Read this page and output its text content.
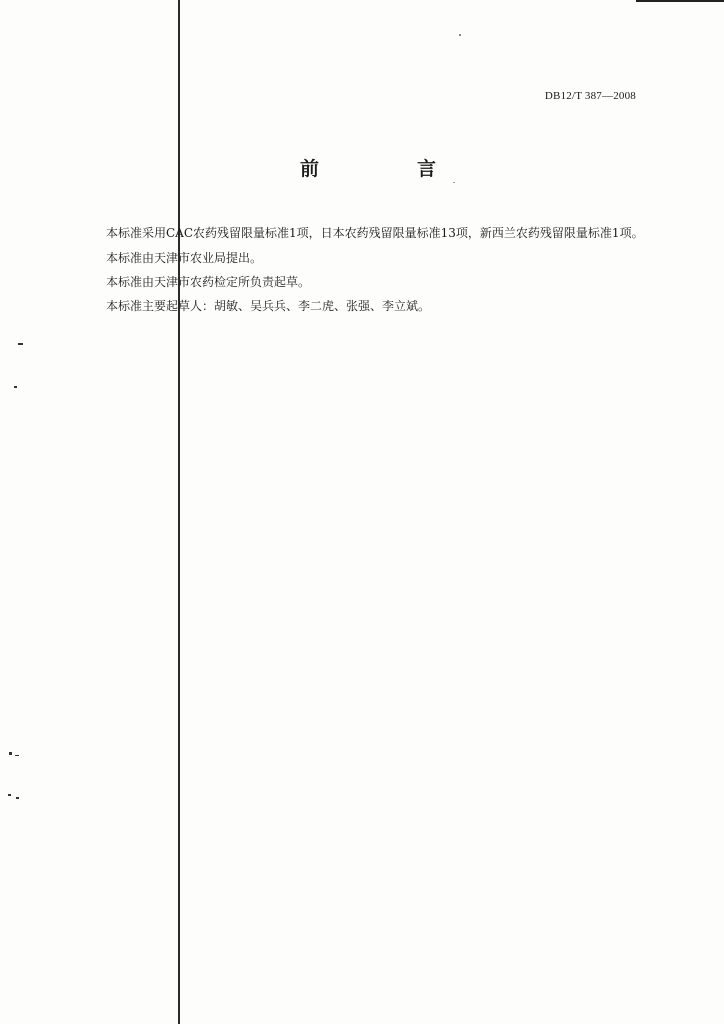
DB12/T 387—2008
前	言

本标准采用CAC农药残留限量标准1项，日本农药残留限量标准13项，新西兰农药残留限量标准1项。

本标准由天津市农业局提出。

本标准由天津市农药检定所负责起草。

本标准主要起草人：胡敏、吴兵兵、李二虎、张强、李立斌。
